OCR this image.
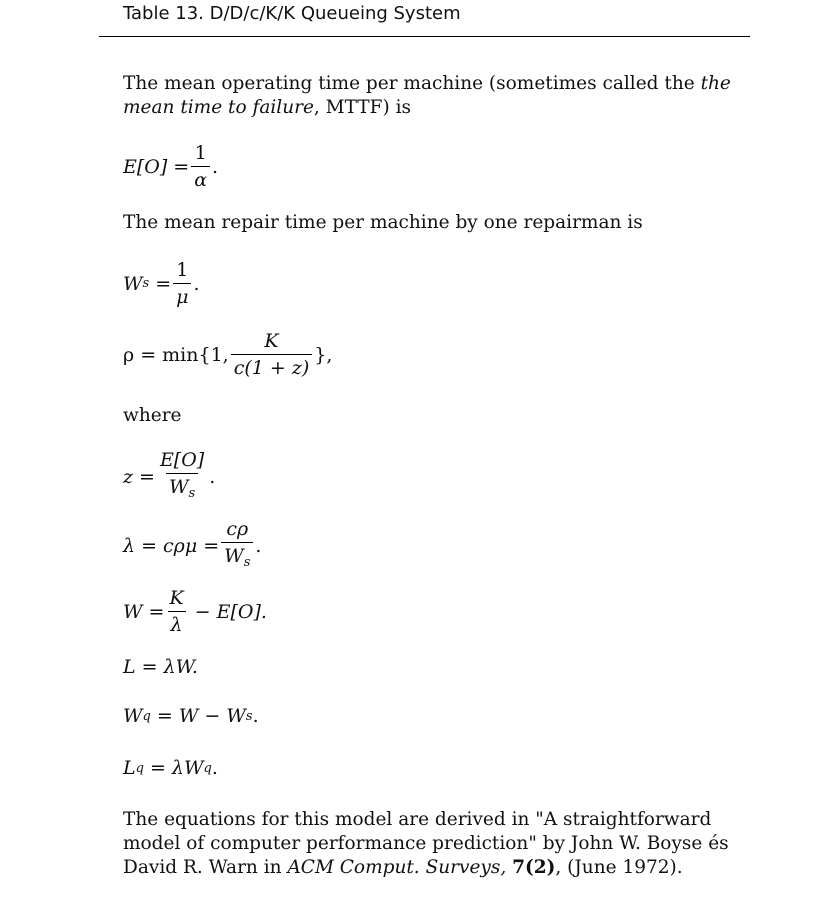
Table 13. D/D/c/K/K Queueing System
The mean operating time per machine (sometimes called the the mean time to failure, MTTF) is
$E[O] = \frac{1}{\alpha}$ .
The mean repair time per machine by one repairman is
W $s = \frac{1}{\mu}$ .
ρ = min{1, $\frac{K}{c(1 + z)}$ },
where
$z = \frac{E[O]}{W_s}$ .
$\lambda = c\rho\mu = \frac{c\rho}{W_s}$ .
$W = \frac{K}{\lambda} - E[O]$.
L = λW.
W q = W − W s .
L q = λW q .
The equations for this model are derived in "A straightforward model of computer performance prediction" by John W. Boyse és David R. Warn in ACM Comput. Surveys, 7(2), (June 1972).
